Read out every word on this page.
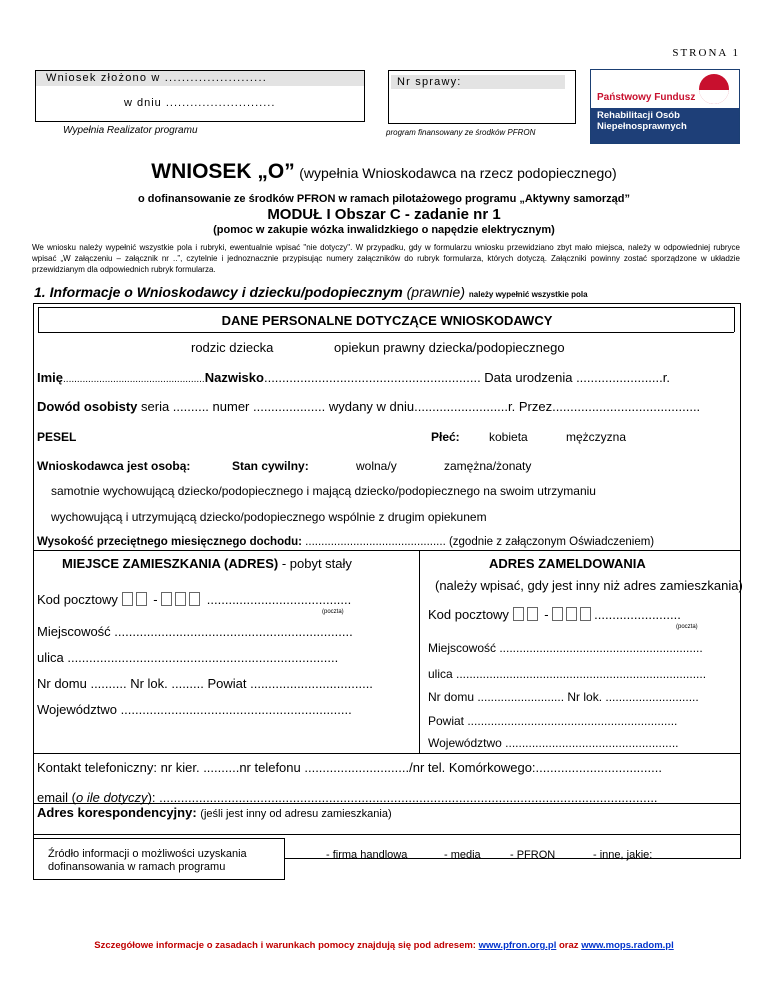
STRONA 1
Wniosek złożono w ........................
w dniu ...........................
Wypełnia Realizator programu
Nr sprawy:
program finansowany ze środków PFRON
Państwowy Fundusz
Rehabilitacji Osób
Niepełnosprawnych
WNIOSEK „O” (wypełnia Wnioskodawca na rzecz podopiecznego)
o dofinansowanie ze środków PFRON w ramach pilotażowego programu „Aktywny samorząd”
MODUŁ I Obszar C - zadanie nr 1
(pomoc w zakupie wózka inwalidzkiego o napędzie elektrycznym)
We wniosku należy wypełnić wszystkie pola i rubryki, ewentualnie wpisać "nie dotyczy". W przypadku, gdy w formularzu wniosku przewidziano zbyt mało miejsca, należy w odpowiedniej rubryce wpisać „W załączeniu – załącznik nr ..”, czytelnie i jednoznacznie przypisując numery załączników do rubryk formularza, których dotyczą. Załączniki powinny zostać sporządzone w układzie przewidzianym dla odpowiednich rubryk formularza.
1. Informacje o Wnioskodawcy i dziecku/podopiecznym (prawnie) należy wypełnić wszystkie pola
DANE PERSONALNE DOTYCZĄCE WNIOSKODAWCY
rodzic dziecka	opiekun prawny dziecka/podopiecznego
Imię...................................................Nazwisko............................................................ Data urodzenia ........................r.
Dowód osobisty seria .......... numer .................... wydany w dniu..........................r. Przez.........................................
PESEL	Płeć: kobieta	mężczyzna
Wnioskodawca jest osobą:	Stan cywilny:	wolna/y	zamężna/żonaty
samotnie wychowującą dziecko/podopiecznego i mającą dziecko/podopiecznego na swoim utrzymaniu
wychowującą i utrzymującą dziecko/podopiecznego wspólnie z drugim opiekunem
Wysokość przeciętnego miesięcznego dochodu: ............................................ (zgodnie z załączonym Oświadczeniem)
MIEJSCE ZAMIESZKANIA (ADRES) - pobyt stały
Kod pocztowy	-	........................................
(poczta)
Miejscowość ..................................................................
ulica ...........................................................................
Nr domu .......... Nr lok. ......... Powiat ..................................
Województwo ................................................................
ADRES ZAMELDOWANIA
(należy wpisać, gdy jest inny niż adres zamieszkania)
Kod pocztowy	-	........................
(poczta)
Miejscowość .............................................................
ulica ...........................................................................
Nr domu .......................... Nr lok. ............................
Powiat ...............................................................
Województwo ....................................................
Kontakt telefoniczny: nr kier. ..........nr telefonu ............................./nr tel. Komórkowego:...................................
email (o ile dotyczy): ..........................................................................................................................................
Adres korespondencyjny: (jeśli jest inny od adresu zamieszkania)
Źródło informacji o możliwości uzyskania dofinansowania w ramach programu
- firma handlowa	- media	- PFRON	- inne, jakie:
Szczegółowe informacje o zasadach i warunkach pomocy znajdują się pod adresem: www.pfron.org.pl oraz www.mops.radom.pl
